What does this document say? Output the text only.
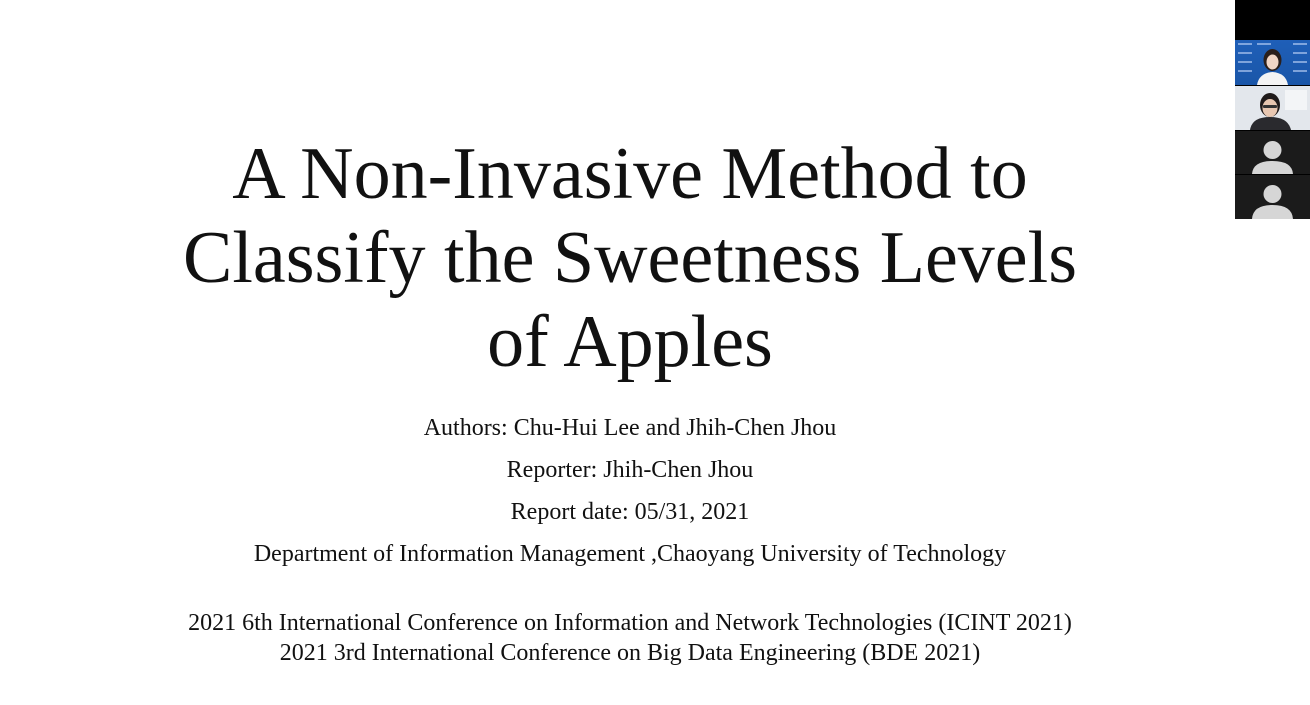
A Non-Invasive Method to
Classify the Sweetness Levels
of Apples
Authors: Chu-Hui Lee and Jhih-Chen Jhou
Reporter: Jhih-Chen Jhou
Report date: 05/31, 2021
Department of Information Management ,Chaoyang University of Technology
2021 6th International Conference on Information and Network Technologies (ICINT 2021)
2021 3rd International Conference on Big Data Engineering (BDE 2021)
